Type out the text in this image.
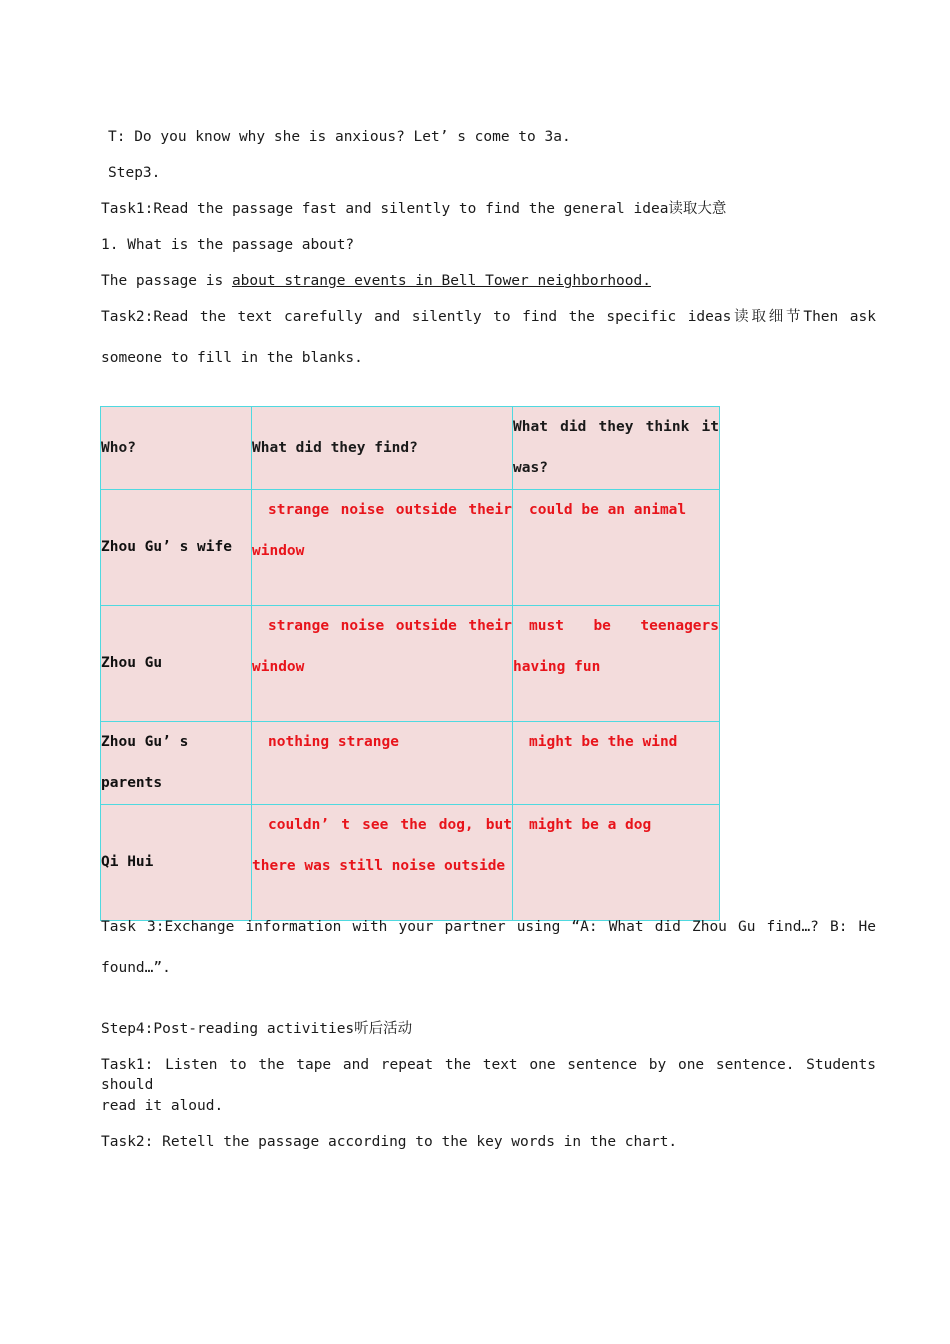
T: Do you know why she is anxious? Let’ s come to 3a.
Step3.
Task1:Read the passage fast and silently to find the general idea读取大意
1. What is the passage about?
The passage is about strange events in Bell Tower neighborhood.
Task2:Read the text carefully and silently to find the specific ideas读取细节Then ask
someone to fill in the blanks.
Who?	What did they find?	What did they think it
was?

Zhou Gu’ s wife	strange noise outside their
window	could be an animal

Zhou Gu	strange noise outside their
window	must be teenagers
having fun

Zhou Gu’ s parents	nothing strange	might be the wind

Qi Hui	couldn’ t see the dog, but
there was still noise outside	might be a dog
Task 3:Exchange information with your partner using “A: What did Zhou Gu find…? B: He
found…”.
Step4:Post-reading activities听后活动
Task1: Listen to the tape and repeat the text one sentence by one sentence. Students should
read it aloud.
Task2: Retell the passage according to the key words in the chart.
